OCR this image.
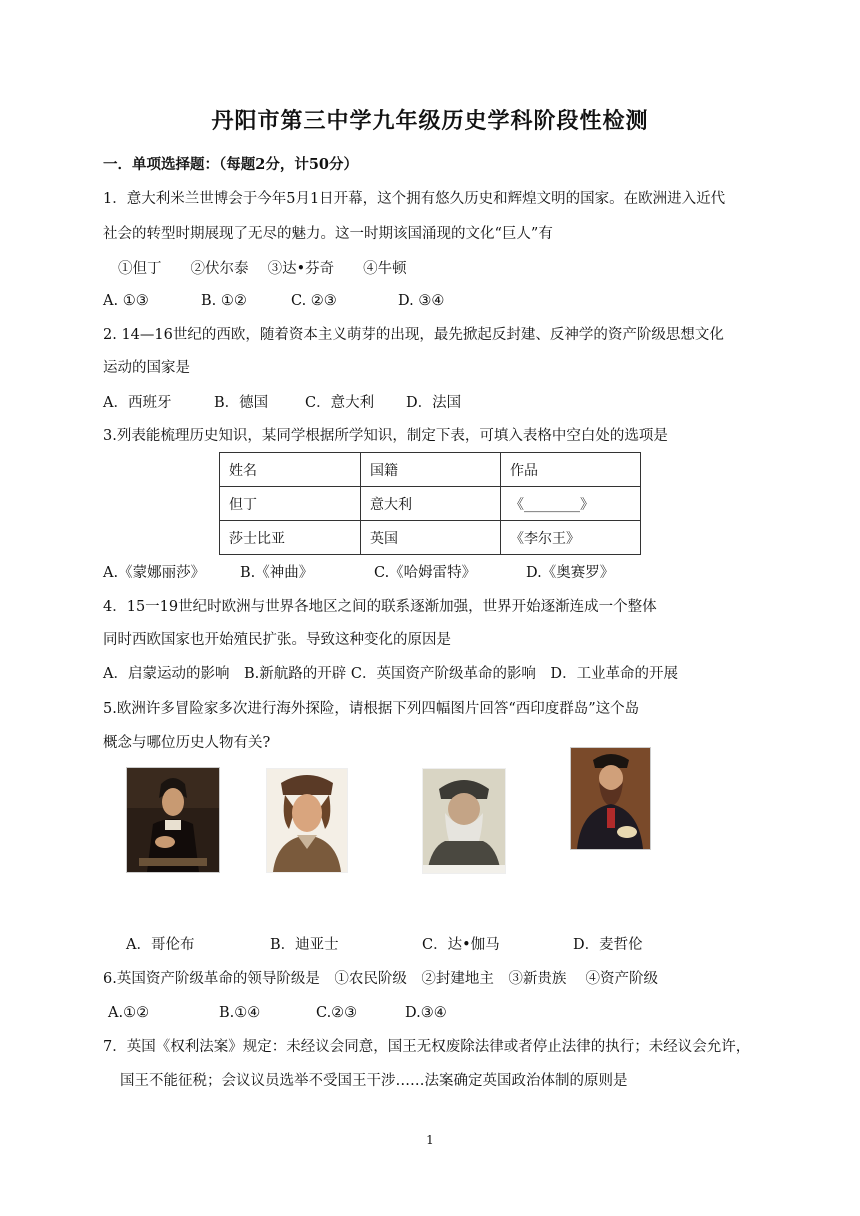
丹阳市第三中学九年级历史学科阶段性检测
一．单项选择题：（每题2分，计50分）
1．意大利米兰世博会于今年5月1日开幕，这个拥有悠久历史和辉煌文明的国家。在欧洲进入近代
社会的转型时期展现了无尽的魅力。这一时期该国涌现的文化“巨人”有
①但丁　　②伏尔泰　 ③达•芬奇　　④牛顿
A. ①③	B. ①②	C. ②③	D. ③④
2. 14—16世纪的西欧，随着资本主义萌芽的出现，最先掀起反封建、反神学的资产阶级思想文化
运动的国家是
A．西班牙	B．德国	C．意大利 D．法国
3.列表能梳理历史知识，某同学根据所学知识，制定下表，可填入表格中空白处的选项是
姓名	国籍	作品
但丁	意大利	《________》
莎士比亚	英国	《李尔王》
A.《蒙娜丽莎》 B.《神曲》	C.《哈姆雷特》	D.《奥赛罗》
4．15一19世纪时欧洲与世界各地区之间的联系逐渐加强，世界开始逐渐连成一个整体
同时西欧国家也开始殖民扩张。导致这种变化的原因是
A．启蒙运动的影响　B.新航路的开辟 C．英国资产阶级革命的影响　D．工业革命的开展
5.欧洲许多冒险家多次进行海外探险，请根据下列四幅图片回答“西印度群岛”这个岛
概念与哪位历史人物有关?
A．哥伦布	B．迪亚士	C．达•伽马	D．麦哲伦
6.英国资产阶级革命的领导阶级是　①农民阶级　②封建地主　③新贵族　 ④资产阶级
A.①②	B.①④	C.②③	D.③④
7．英国《权利法案》规定：未经议会同意，国王无权废除法律或者停止法律的执行；未经议会允许，
国王不能征税；会议议员选举不受国王干涉……法案确定英国政治体制的原则是
1
